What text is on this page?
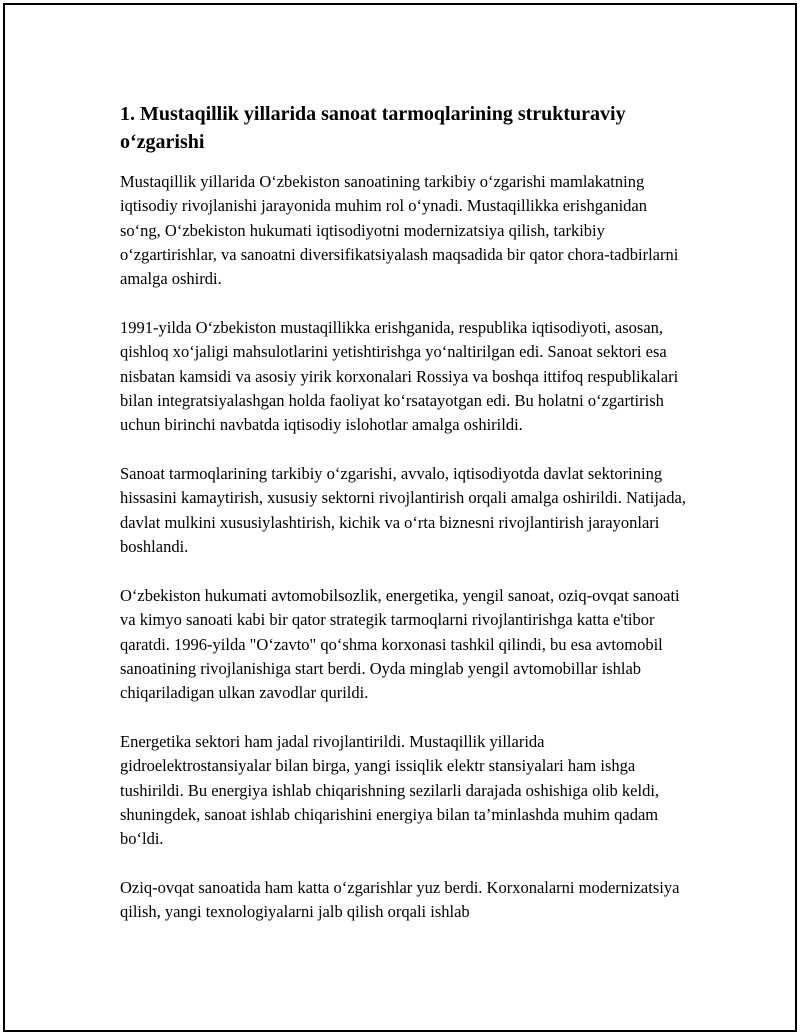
1. Mustaqillik yillarida sanoat tarmoqlarining strukturaviy o‘zgarishi

Mustaqillik yillarida O‘zbekiston sanoatining tarkibiy o‘zgarishi mamlakatning iqtisodiy rivojlanishi jarayonida muhim rol o‘ynadi. Mustaqillikka erishganidan so‘ng, O‘zbekiston hukumati iqtisodiyotni modernizatsiya qilish, tarkibiy o‘zgartirishlar, va sanoatni diversifikatsiyalash maqsadida bir qator chora-tadbirlarni amalga oshirdi.

1991-yilda O‘zbekiston mustaqillikka erishganida, respublika iqtisodiyoti, asosan, qishloq xo‘jaligi mahsulotlarini yetishtirishga yo‘naltirilgan edi. Sanoat sektori esa nisbatan kamsidi va asosiy yirik korxonalari Rossiya va boshqa ittifoq respublikalari bilan integratsiyalashgan holda faoliyat ko‘rsatayotgan edi. Bu holatni o‘zgartirish uchun birinchi navbatda iqtisodiy islohotlar amalga oshirildi.

Sanoat tarmoqlarining tarkibiy o‘zgarishi, avvalo, iqtisodiyotda davlat sektorining hissasini kamaytirish, xususiy sektorni rivojlantirish orqali amalga oshirildi. Natijada, davlat mulkini xususiylashtirish, kichik va o‘rta biznesni rivojlantirish jarayonlari boshlandi.

O‘zbekiston hukumati avtomobilsozlik, energetika, yengil sanoat, oziq-ovqat sanoati va kimyo sanoati kabi bir qator strategik tarmoqlarni rivojlantirishga katta e'tibor qaratdi. 1996-yilda "O‘zavto" qo‘shma korxonasi tashkil qilindi, bu esa avtomobil sanoatining rivojlanishiga start berdi. Oyda minglab yengil avtomobillar ishlab chiqariladigan ulkan zavodlar qurildi.

Energetika sektori ham jadal rivojlantirildi. Mustaqillik yillarida gidroelektrostansiyalar bilan birga, yangi issiqlik elektr stansiyalari ham ishga tushirildi. Bu energiya ishlab chiqarishning sezilarli darajada oshishiga olib keldi, shuningdek, sanoat ishlab chiqarishini energiya bilan ta’minlashda muhim qadam bo‘ldi.

Oziq-ovqat sanoatida ham katta o‘zgarishlar yuz berdi. Korxonalarni modernizatsiya qilish, yangi texnologiyalarni jalb qilish orqali ishlab
